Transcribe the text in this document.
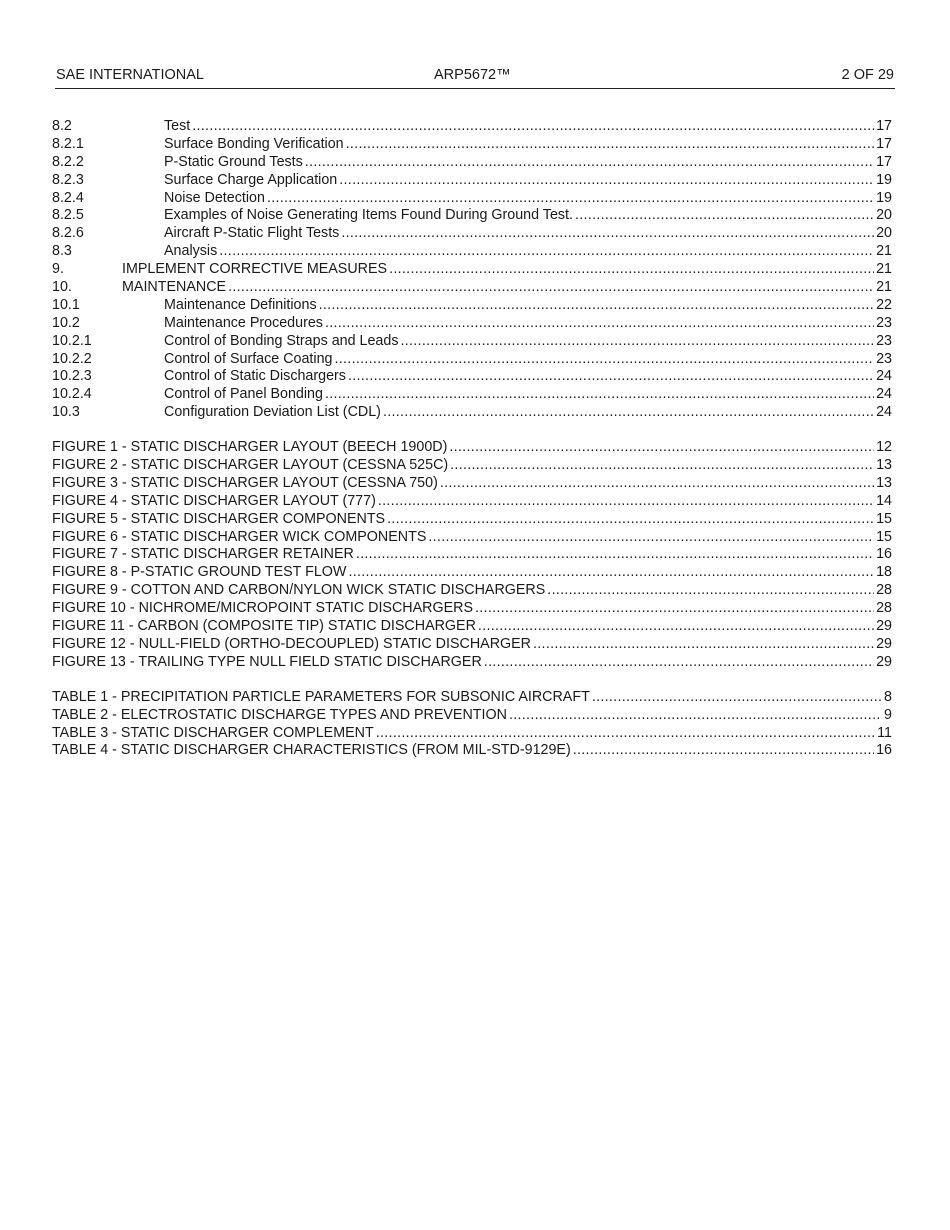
SAE INTERNATIONAL	ARP5672™	2 OF 29
8.2	Test .....	17
8.2.1	Surface Bonding Verification .....	17
8.2.2	P-Static Ground Tests .....	17
8.2.3	Surface Charge Application .....	19
8.2.4	Noise Detection .....	19
8.2.5	Examples of Noise Generating Items Found During Ground Test. .....	20
8.2.6	Aircraft P-Static Flight Tests .....	20
8.3	Analysis .....	21
9.	IMPLEMENT CORRECTIVE MEASURES .....	21
10.	MAINTENANCE .....	21
10.1	Maintenance Definitions .....	22
10.2	Maintenance Procedures .....	23
10.2.1	Control of Bonding Straps and Leads .....	23
10.2.2	Control of Surface Coating .....	23
10.2.3	Control of Static Dischargers .....	24
10.2.4	Control of Panel Bonding .....	24
10.3	Configuration Deviation List (CDL) .....	24
FIGURE 1 - STATIC DISCHARGER LAYOUT (BEECH 1900D) .....	12
FIGURE 2 - STATIC DISCHARGER LAYOUT (CESSNA 525C) .....	13
FIGURE 3 - STATIC DISCHARGER LAYOUT (CESSNA 750) .....	13
FIGURE 4 - STATIC DISCHARGER LAYOUT (777) .....	14
FIGURE 5 - STATIC DISCHARGER COMPONENTS .....	15
FIGURE 6 - STATIC DISCHARGER WICK COMPONENTS .....	15
FIGURE 7 - STATIC DISCHARGER RETAINER .....	16
FIGURE 8 - P-STATIC GROUND TEST FLOW .....	18
FIGURE 9 - COTTON AND CARBON/NYLON WICK STATIC DISCHARGERS .....	28
FIGURE 10 - NICHROME/MICROPOINT STATIC DISCHARGERS .....	28
FIGURE 11 - CARBON (COMPOSITE TIP) STATIC DISCHARGER .....	29
FIGURE 12 - NULL-FIELD (ORTHO-DECOUPLED) STATIC DISCHARGER .....	29
FIGURE 13 - TRAILING TYPE NULL FIELD STATIC DISCHARGER .....	29
TABLE 1 - PRECIPITATION PARTICLE PARAMETERS FOR SUBSONIC AIRCRAFT .....	8
TABLE 2 - ELECTROSTATIC DISCHARGE TYPES AND PREVENTION .....	9
TABLE 3 - STATIC DISCHARGER COMPLEMENT .....	11
TABLE 4 - STATIC DISCHARGER CHARACTERISTICS (FROM MIL-STD-9129E) .....	16
